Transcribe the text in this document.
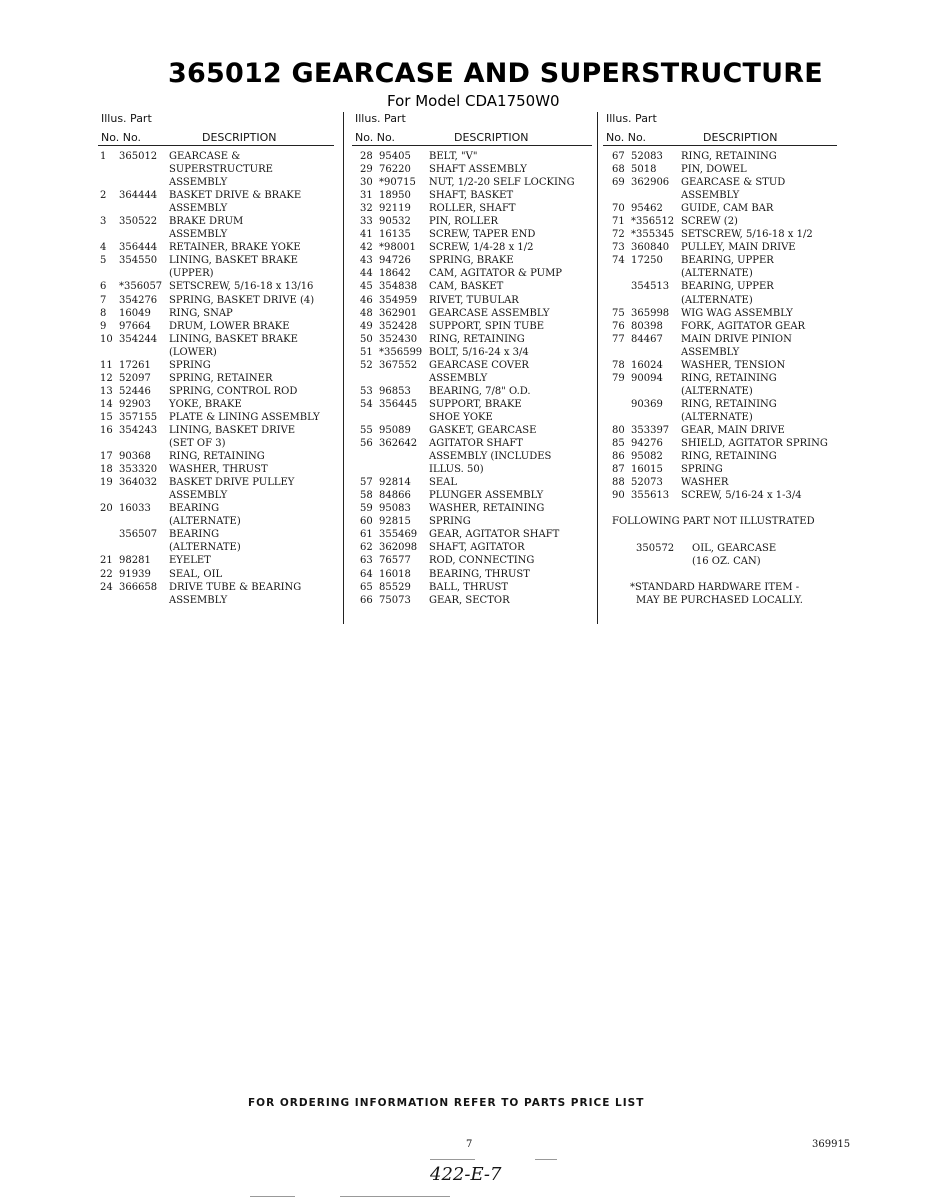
365012 GEARCASE AND SUPERSTRUCTURE
For Model CDA1750W0
Illus. Part
No. No.	DESCRIPTION
1	365012	GEARCASE &
SUPERSTRUCTURE
ASSEMBLY
2	364444	BASKET DRIVE & BRAKE
ASSEMBLY
3	350522	BRAKE DRUM
ASSEMBLY
4	356444	RETAINER, BRAKE YOKE
5	354550	LINING, BASKET BRAKE
(UPPER)
6	*356057 SETSCREW, 5/16-18 x 13/16
7	354276	SPRING, BASKET DRIVE (4)
8	16049	RING, SNAP
9	97664	DRUM, LOWER BRAKE
10 354244	LINING, BASKET BRAKE
(LOWER)
11 17261	SPRING
12 52097	SPRING, RETAINER
13 52446	SPRING, CONTROL ROD
14 92903	YOKE, BRAKE
15 357155	PLATE & LINING ASSEMBLY
16 354243	LINING, BASKET DRIVE
(SET OF 3)
17 90368	RING, RETAINING
18 353320	WASHER, THRUST
19 364032	BASKET DRIVE PULLEY
ASSEMBLY
20 16033	BEARING
(ALTERNATE)
356507	BEARING
(ALTERNATE)
21 98281	EYELET
22 91939	SEAL, OIL
24 366658	DRIVE TUBE & BEARING
ASSEMBLY
Illus. Part
No. No.	DESCRIPTION
28 95405	BELT, "V"
29 76220	SHAFT ASSEMBLY
30 *90715	NUT, 1/2-20 SELF LOCKING
31 18950	SHAFT, BASKET
32 92119	ROLLER, SHAFT
33 90532	PIN, ROLLER
41 16135	SCREW, TAPER END
42 *98001	SCREW, 1/4-28 x 1/2
43 94726	SPRING, BRAKE
44 18642	CAM, AGITATOR & PUMP
45 354838	CAM, BASKET
46 354959	RIVET, TUBULAR
48 362901	GEARCASE ASSEMBLY
49 352428	SUPPORT, SPIN TUBE
50 352430	RING, RETAINING
51 *356599 BOLT, 5/16-24 x 3/4
52 367552	GEARCASE COVER
ASSEMBLY
53 96853	BEARING, 7/8" O.D.
54 356445	SUPPORT, BRAKE
SHOE YOKE
55 95089	GASKET, GEARCASE
56 362642	AGITATOR SHAFT
ASSEMBLY (INCLUDES
ILLUS. 50)
57 92814	SEAL
58 84866	PLUNGER ASSEMBLY
59 95083	WASHER, RETAINING
60 92815	SPRING
61 355469	GEAR, AGITATOR SHAFT
62 362098	SHAFT, AGITATOR
63 76577	ROD, CONNECTING
64 16018	BEARING, THRUST
65 85529	BALL, THRUST
66 75073	GEAR, SECTOR
Illus. Part
No. No.	DESCRIPTION
67 52083	RING, RETAINING
68 5018	PIN, DOWEL
69 362906	GEARCASE & STUD
ASSEMBLY
70 95462	GUIDE, CAM BAR
71 *356512 SCREW (2)
72 *355345 SETSCREW, 5/16-18 x 1/2
73 360840	PULLEY, MAIN DRIVE
74 17250	BEARING, UPPER
(ALTERNATE)
354513	BEARING, UPPER
(ALTERNATE)
75 365998	WIG WAG ASSEMBLY
76 80398	FORK, AGITATOR GEAR
77 84467	MAIN DRIVE PINION
ASSEMBLY
78 16024	WASHER, TENSION
79 90094	RING, RETAINING
(ALTERNATE)
90369	RING, RETAINING
(ALTERNATE)
80 353397	GEAR, MAIN DRIVE
85 94276	SHIELD, AGITATOR SPRING
86 95082	RING, RETAINING
87 16015	SPRING
88 52073	WASHER
90 355613	SCREW, 5/16-24 x 1-3/4
FOLLOWING PART NOT ILLUSTRATED
350572	OIL, GEARCASE
(16 OZ. CAN)
*STANDARD HARDWARE ITEM -
MAY BE PURCHASED LOCALLY.
FOR ORDERING INFORMATION REFER TO PARTS PRICE LIST
7	369915
422-E-7
